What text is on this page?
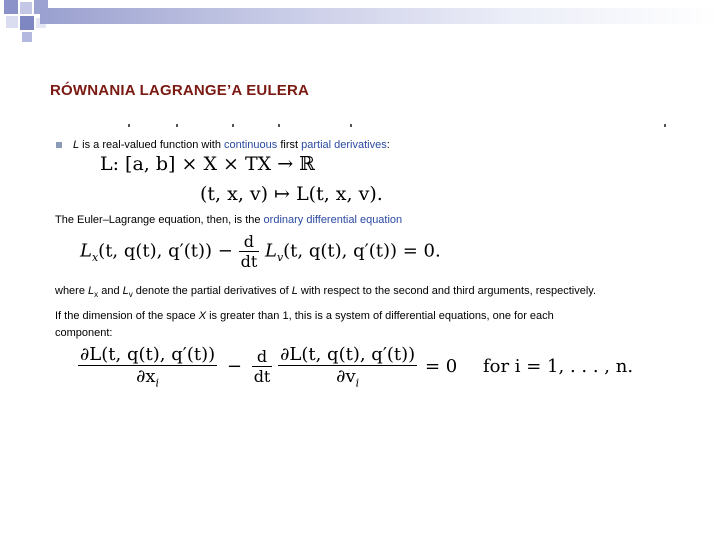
RÓWNANIA LAGRANGE’A EULERA
L is a real-valued function with continuous first partial derivatives:
L: [a, b] × X × TX → ℝ
(t, x, v) ↦ L(t, x, v).
The Euler–Lagrange equation, then, is the ordinary differential equation
$L_x(t$, q(t), $q'(t)) - \frac{d}{dt} L_v(t$, q(t), q′(t)) = 0.
where $L_x$ and $L_v$ denote the partial derivatives of L with respect to the second and third arguments, respectively.
If the dimension of the space X is greater than 1, this is a system of differential equations, one for each
component:
$\frac{\partial L(t, q(t), q'(t))}{\partial x_i} - \frac{d}{dt}$
$\frac{\partial L(t, q(t), q'(t))}{\partial v_i} = 0$ for i = 1, . . . , n.
